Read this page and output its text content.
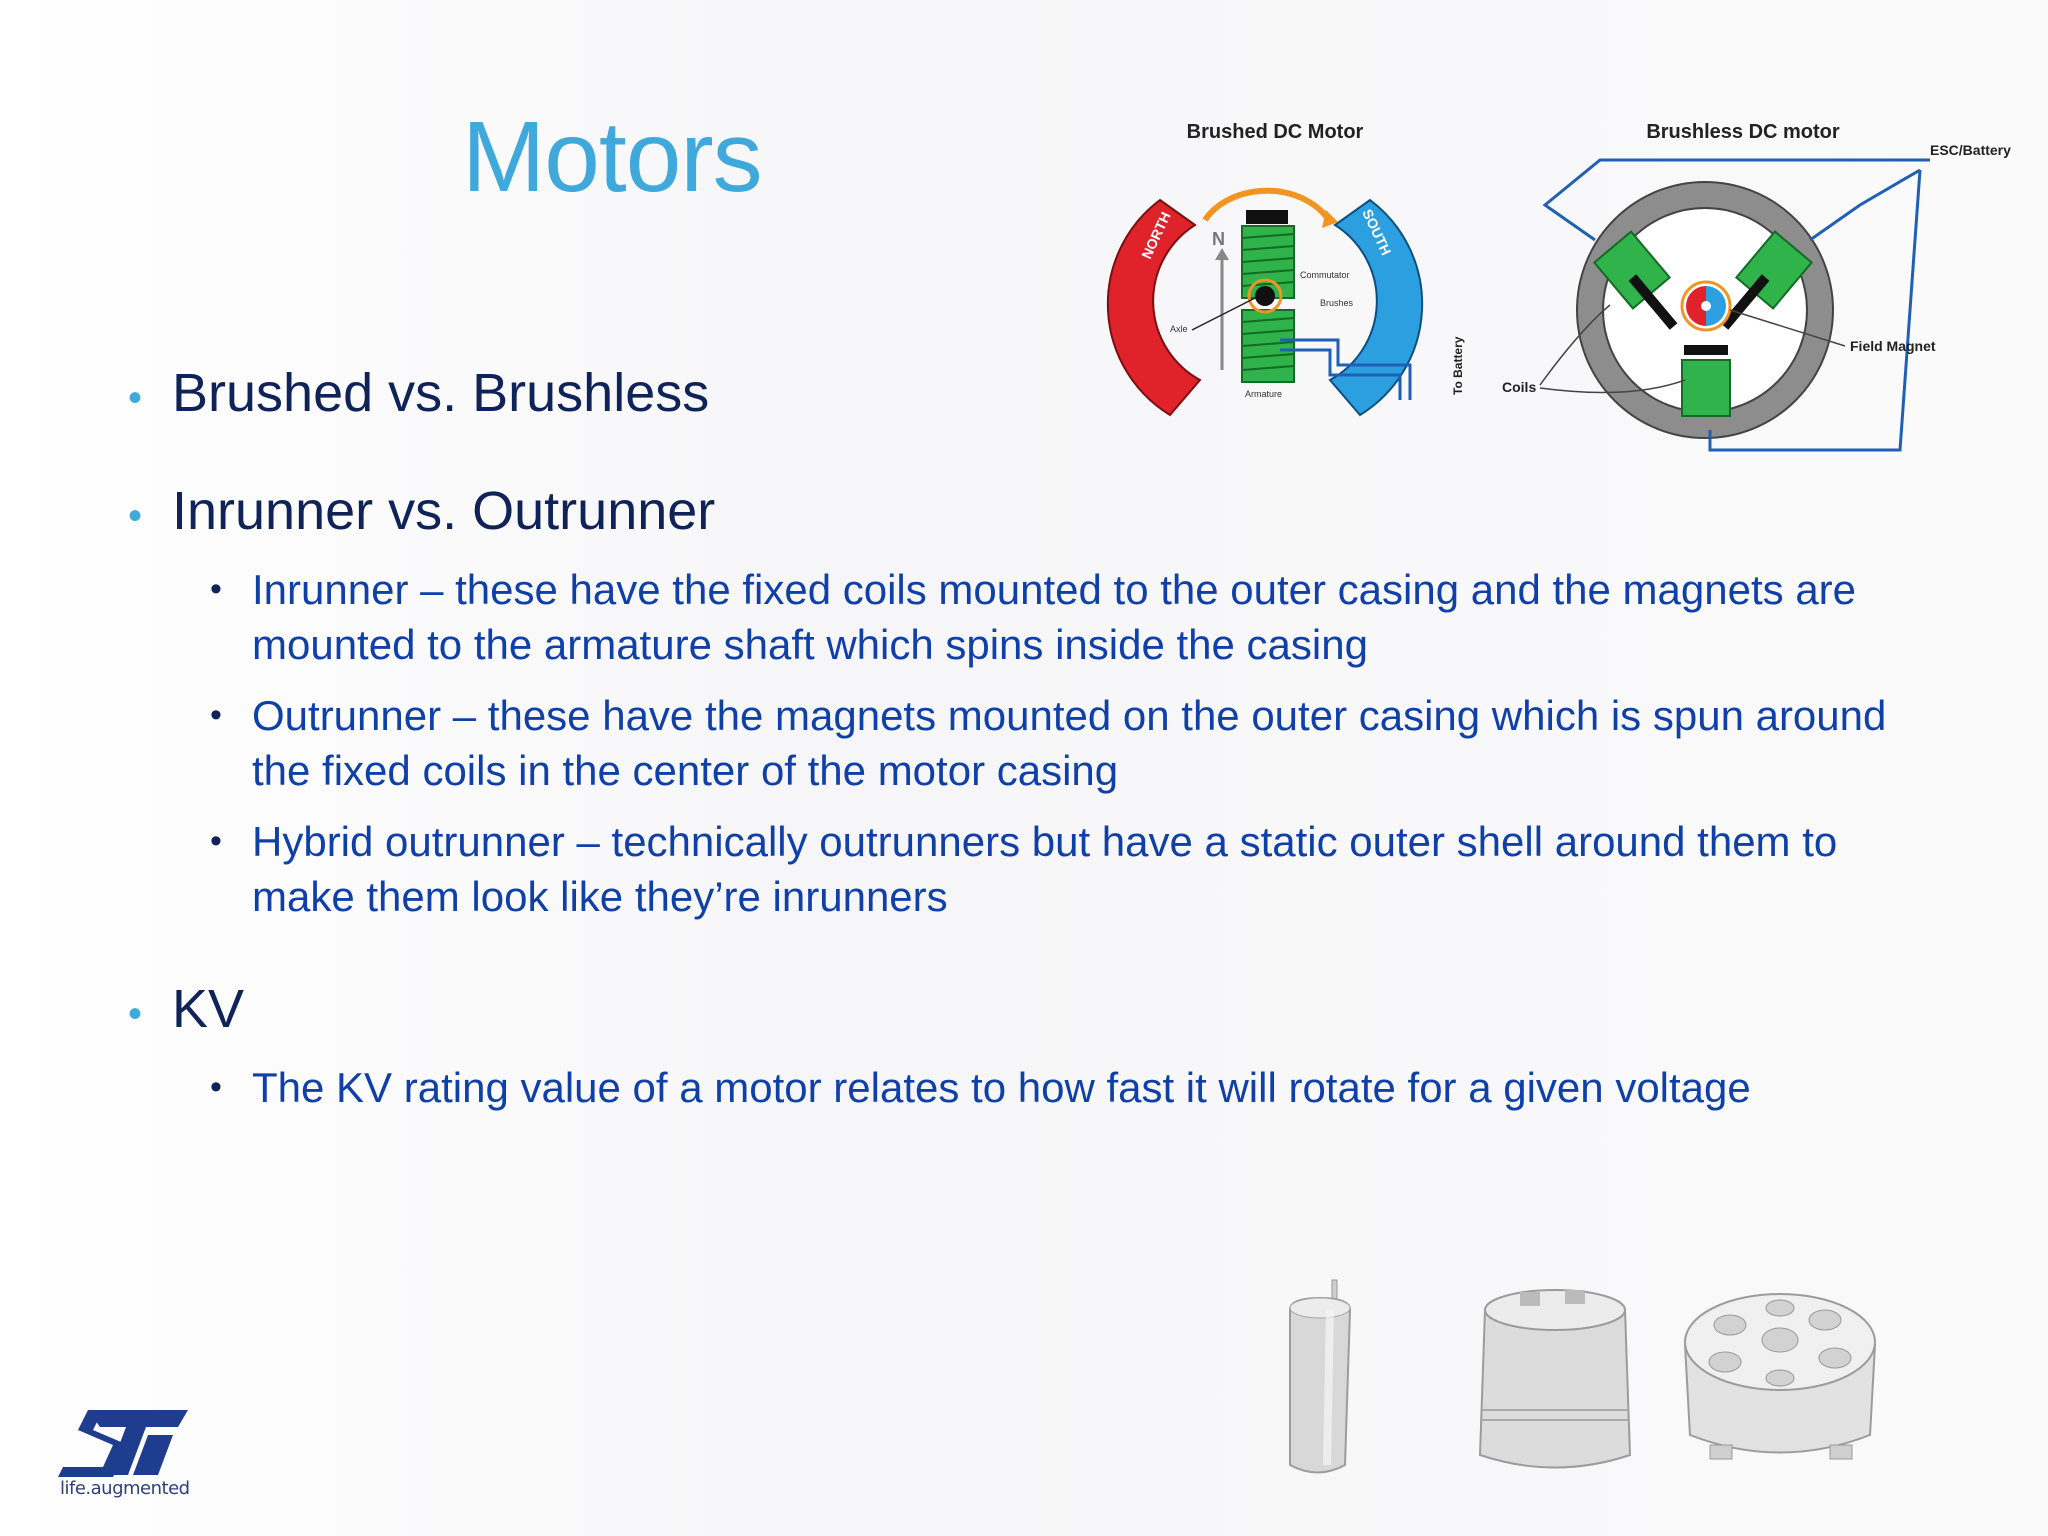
Motors
• Brushed vs. Brushless
• Inrunner vs. Outrunner
• KV
• Inrunner – these have the fixed coils mounted to the outer casing and the magnets are mounted to the armature shaft which spins inside the casing
• Outrunner – these have the magnets mounted on the outer casing which is spun around the fixed coils in the center of the motor casing
• Hybrid outrunner – technically outrunners but have a static outer shell around them to make them look like they’re inrunners
• The KV rating value of a motor relates to how fast it will rotate for a given voltage
Brushed DC Motor
NORTH	SOUTH
N
Commutator
Brushes
Axle
Armature	To Battery
Brushless DC motor
ESC/Battery
Field Magnet
Coils
life.augmented
